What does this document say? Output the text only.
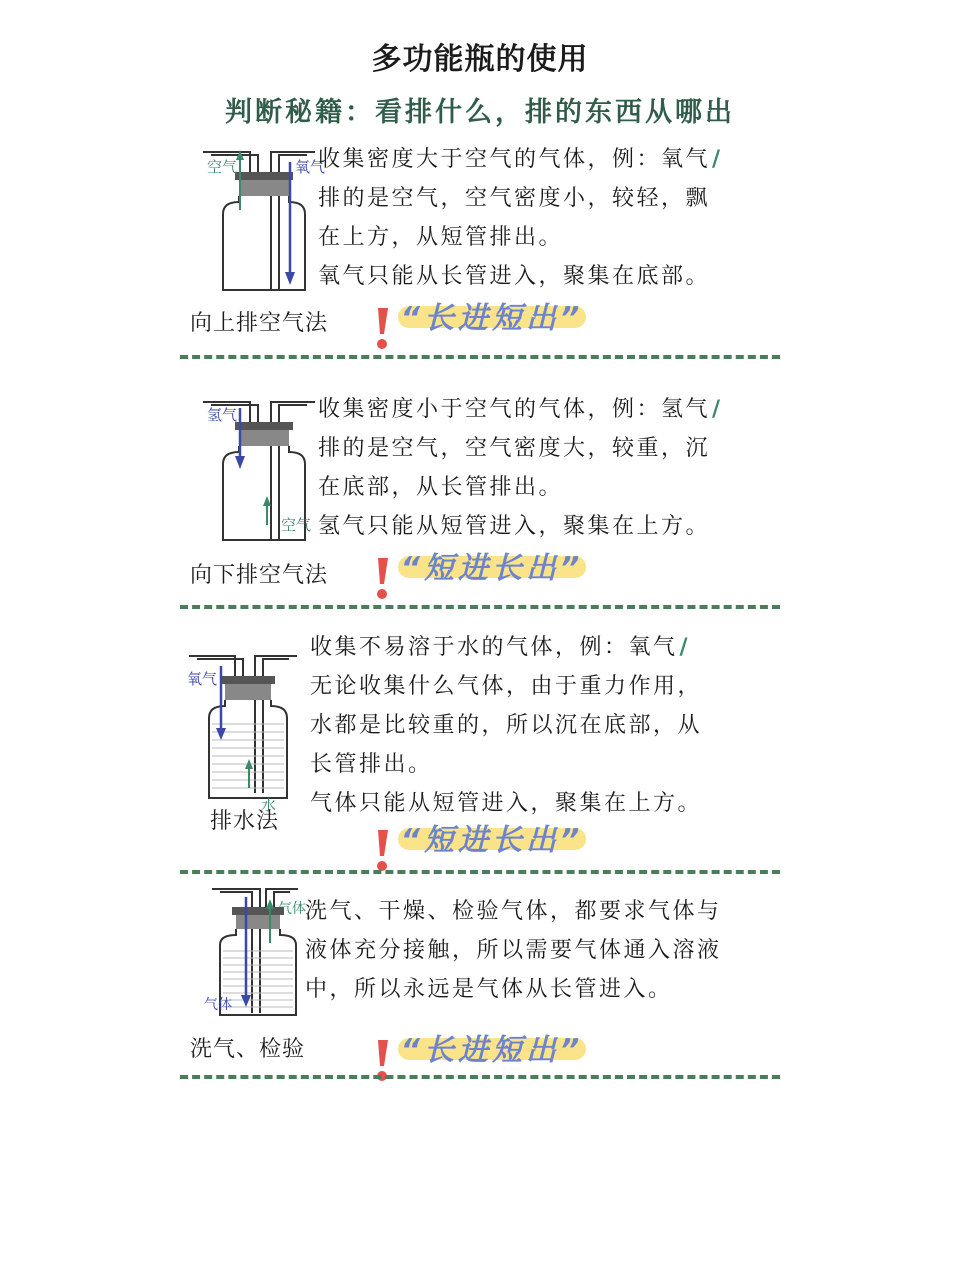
多功能瓶的使用
判断秘籍：看排什么，排的东西从哪出
空气	氧气
收集密度大于空气的气体，例：氧气/
排的是空气，空气密度小，较轻，飘
在上方，从短管排出。
氧气只能从长管进入，聚集在底部。
向上排空气法 “长进短出”
氢气
空气
收集密度小于空气的气体，例：氢气/
排的是空气，空气密度大，较重，沉
在底部，从长管排出。
氢气只能从短管进入，聚集在上方。
向下排空气法 “短进长出”
氧气
水
收集不易溶于水的气体，例：氧气/
无论收集什么气体，由于重力作用，
水都是比较重的，所以沉在底部，从
长管排出。
气体只能从短管进入，聚集在上方。
排水法
“短进长出”
气体
气体 洗气、干燥、检验气体，都要求气体与
液体充分接触，所以需要气体通入溶液
中，所以永远是气体从长管进入。
洗气、检验	“长进短出”
